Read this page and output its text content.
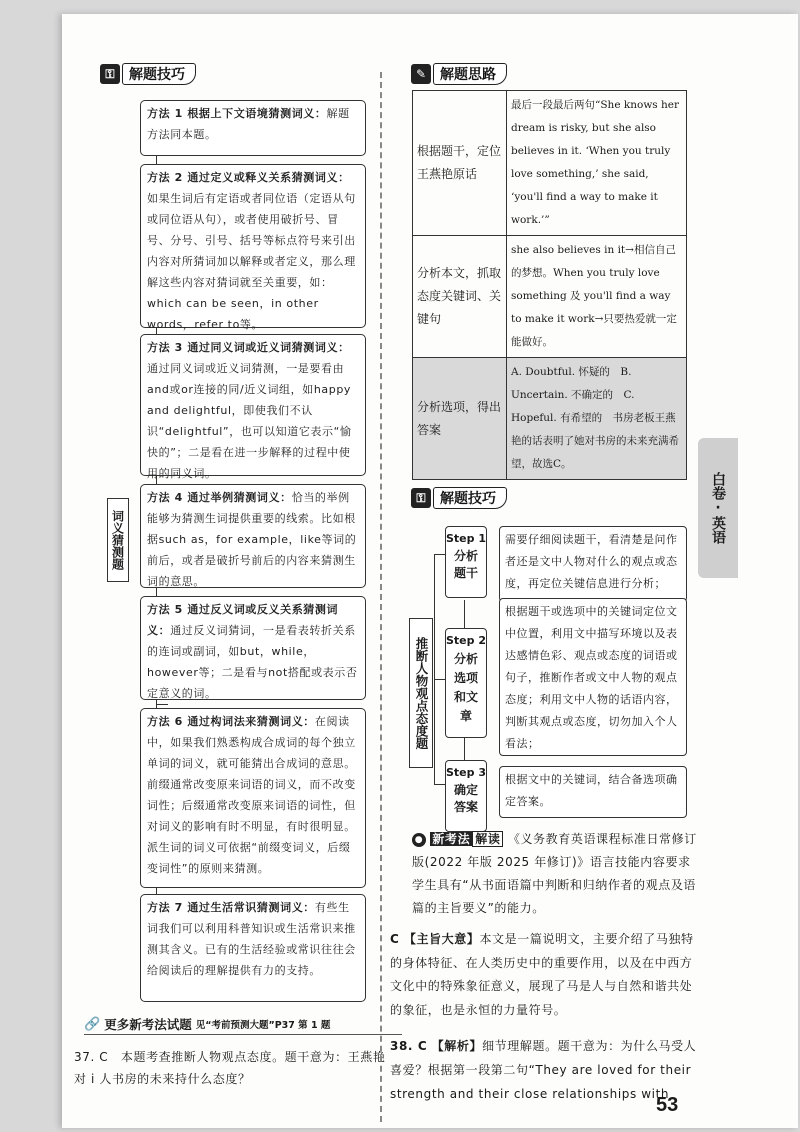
⚿	解题技巧
词义猜测题
方法 1 根据上下文语境猜测词义：解题方法同本题。
方法 2 通过定义或释义关系猜测词义：如果生词后有定语或者同位语（定语从句或同位语从句），或者使用破折号、冒号、分号、引号、括号等标点符号来引出内容对所猜词加以解释或者定义，那么理解这些内容对猜词就至关重要，如：which can be seen，in other words，refer to等。
方法 3 通过同义词或近义词猜测词义：通过同义词或近义词猜测，一是要看由and或or连接的同/近义词组，如happy and delightful，即使我们不认识“delightful”，也可以知道它表示“愉快的”；二是看在进一步解释的过程中使用的同义词。
方法 4 通过举例猜测词义：恰当的举例能够为猜测生词提供重要的线索。比如根据such as，for example，like等词的前后，或者是破折号前后的内容来猜测生词的意思。
方法 5 通过反义词或反义关系猜测词义：通过反义词猜词，一是看表转折关系的连词或副词，如but，while，however等；二是看与not搭配或表示否定意义的词。
方法 6 通过构词法来猜测词义：在阅读中，如果我们熟悉构成合成词的每个独立单词的词义，就可能猜出合成词的意思。前缀通常改变原来词语的词义，而不改变词性；后缀通常改变原来词语的词性，但对词义的影响有时不明显，有时很明显。派生词的词义可依据“前缀变词义，后缀变词性”的原则来猜测。
方法 7 通过生活常识猜测词义：有些生词我们可以利用科普知识或生活常识来推测其含义。已有的生活经验或常识往往会给阅读后的理解提供有力的支持。
🔗 更多新考法试题 见“考前预测大题”P37 第 1 题
37. C　本题考查推断人物观点态度。题干意为：王燕艳对 i 人书房的未来持什么态度？
✎ 解题思路
根据题干，定位王燕艳原话	最后一段最后两句“She knows her dream is risky, but she also believes in it. ‘When you truly love something,’ she said, ‘you'll find a way to make it work.’”
分析本文，抓取态度关键词、关键句	she also believes in it→相信自己的梦想。When you truly love something 及 you'll find a way to make it work→只要热爱就一定能做好。
分析选项，得出答案	A. Doubtful. 怀疑的　B. Uncertain. 不确定的　C. Hopeful. 有希望的　书房老板王燕艳的话表明了她对书房的未来充满希望，故选C。
⚿	解题技巧
推断人物观点态度题
Step 1
分析题干
需要仔细阅读题干，看清楚是问作者还是文中人物对什么的观点或态度，再定位关键信息进行分析；
Step 2
分析选项和文章
根据题干或选项中的关键词定位文中位置，利用文中描写环境以及表达感情色彩、观点或态度的词语或句子，推断作者或文中人物的观点态度；利用文中人物的话语内容，判断其观点或态度，切勿加入个人看法；
Step 3
确定答案
根据文中的关键词，结合备选项确定答案。
● 新考法 解读 《义务教育英语课程标准日常修订版(2022 年版 2025 年修订)》语言技能内容要求学生具有“从书面语篇中判断和归纳作者的观点及语篇的主旨要义”的能力。
C 【主旨大意】本文是一篇说明文，主要介绍了马独特的身体特征、在人类历史中的重要作用，以及在中西方文化中的特殊象征意义，展现了马是人与自然和谐共处的象征，也是永恒的力量符号。
38. C 【解析】细节理解题。题干意为：为什么马受人喜爱？根据第一段第二句“They are loved for their strength and their close relationships with
白卷·英语
53
